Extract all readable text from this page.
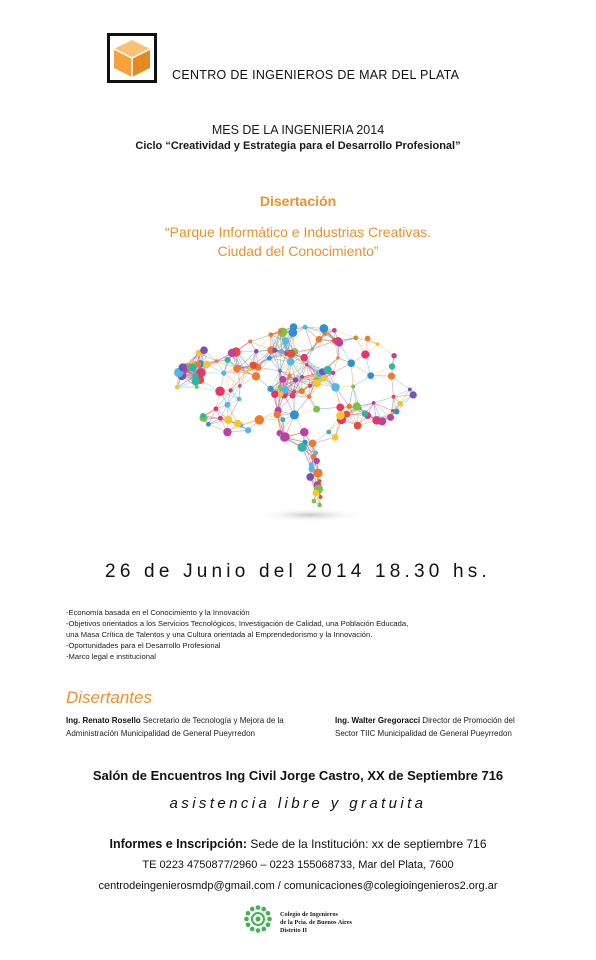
CENTRO DE INGENIEROS DE MAR DEL PLATA
MES DE LA INGENIERIA 2014
Ciclo “Creatividad y Estrategia para el Desarrollo Profesional”
Disertación
“Parque Informático e Industrias Creativas.
Ciudad del Conocimiento”
26 de Junio del 2014 18.30 hs.
-Economía basada en el Conocimiento y la Innovación
-Objetivos orientados a los Servicios Tecnológicos, Investigación de Calidad, una Población Educada,
una Masa Crítica de Talentos y una Cultura orientada al Emprendedorismo y la Innovación.
-Oportunidades para el Desarrollo Profesional
-Marco legal e institucional
Disertantes
Ing. Renato Rosello Secretario de Tecnología y Mejora de la
Administración Municipalidad de General Pueyrredon
Ing. Walter Gregoracci Director de Promoción del
Sector TIIC Municipalidad de General Pueyrredon
Salón de Encuentros Ing Civil Jorge Castro, XX de Septiembre 716
asistencia libre y gratuita
Informes e Inscripción: Sede de la Institución: xx de septiembre 716
TE 0223 4750877/2960 – 0223 155068733, Mar del Plata, 7600
centrodeingenierosmdp@gmail.com / comunicaciones@colegioingenieros2.org.ar
Colegio de Ingenieros
de la Pcia. de Buenos Aires
Distrito II
